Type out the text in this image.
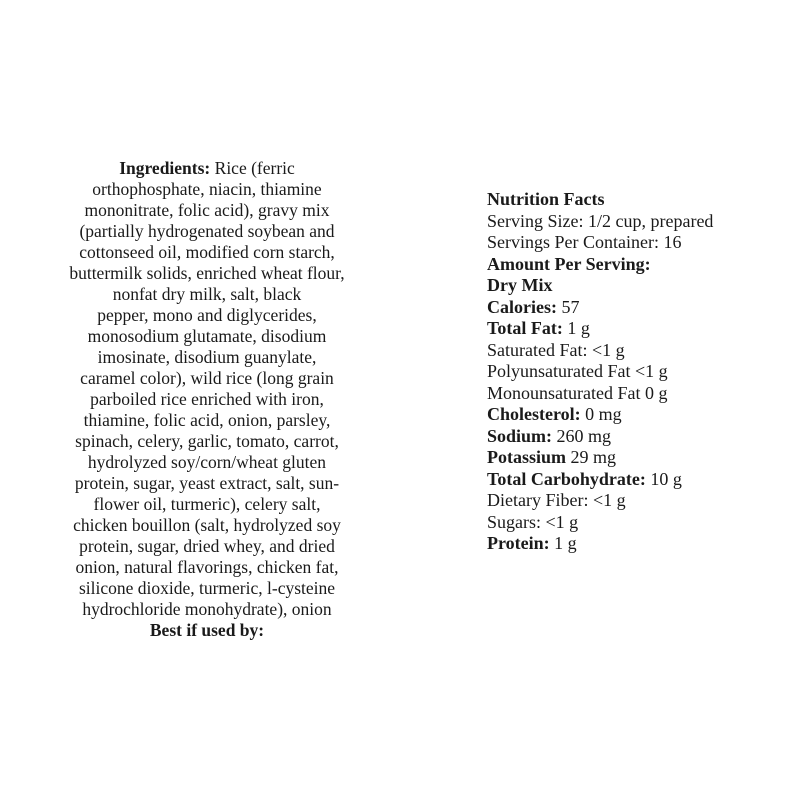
Ingredients: Rice (ferric
orthophosphate, niacin, thiamine
mononitrate, folic acid), gravy mix
(partially hydrogenated soybean and
cottonseed oil, modified corn starch,
buttermilk solids, enriched wheat flour,
nonfat dry milk, salt, black
pepper, mono and diglycerides,
monosodium glutamate, disodium
imosinate, disodium guanylate,
caramel color), wild rice (long grain
parboiled rice enriched with iron,
thiamine, folic acid, onion, parsley,
spinach, celery, garlic, tomato, carrot,
hydrolyzed soy/corn/wheat gluten
protein, sugar, yeast extract, salt, sun-
flower oil, turmeric), celery salt,
chicken bouillon (salt, hydrolyzed soy
protein, sugar, dried whey, and dried
onion, natural flavorings, chicken fat,
silicone dioxide, turmeric, l-cysteine
hydrochloride monohydrate), onion
Best if used by:
Nutrition Facts
Serving Size: 1/2 cup, prepared
Servings Per Container: 16
Amount Per Serving:
Dry Mix
Calories: 57
Total Fat: 1 g
Saturated Fat: <1 g
Polyunsaturated Fat <1 g
Monounsaturated Fat 0 g
Cholesterol: 0 mg
Sodium: 260 mg
Potassium 29 mg
Total Carbohydrate: 10 g
Dietary Fiber: <1 g
Sugars: <1 g
Protein: 1 g
